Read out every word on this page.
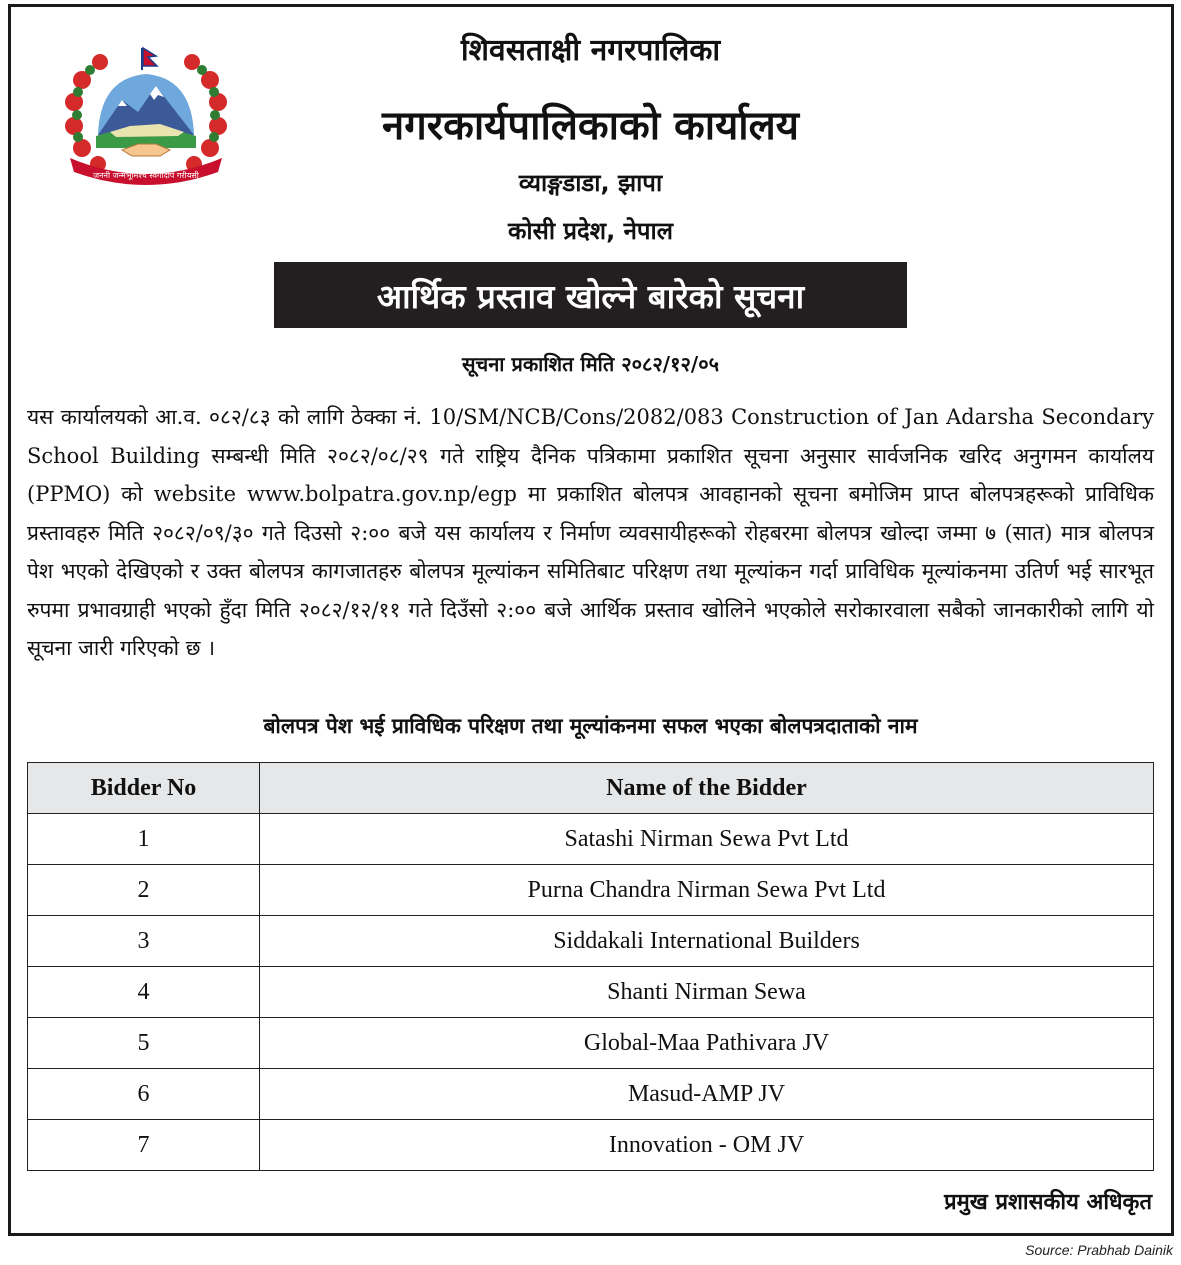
जननी जन्मभूमिश्च स्वर्गादपि गरीयसी
शिवसताक्षी नगरपालिका
नगरकार्यपालिकाको कार्यालय
व्याङ्गडाडा, झापा
कोसी प्रदेश, नेपाल
आर्थिक प्रस्ताव खोल्ने बारेको सूचना
सूचना प्रकाशित मिति २०८२/१२/०५

यस कार्यालयको आ.व. ०८२/८३ को लागि ठेक्का नं. 10/SM/NCB/Cons/2082/083 Construction of Jan Adarsha Secondary School Building सम्बन्धी मिति २०८२/०८/२९ गते राष्ट्रिय दैनिक पत्रिकामा प्रकाशित सूचना अनुसार सार्वजनिक खरिद अनुगमन कार्यालय (PPMO) को website www.bolpatra.gov.np/egp मा प्रकाशित बोलपत्र आवहानको सूचना बमोजिम प्राप्त बोलपत्रहरूको प्राविधिक प्रस्तावहरु मिति २०८२/०९/३० गते दिउसो २:०० बजे यस कार्यालय र निर्माण व्यवसायीहरूको रोहबरमा बोलपत्र खोल्दा जम्मा ७ (सात) मात्र बोलपत्र पेश भएको देखिएको र उक्त बोलपत्र कागजातहरु बोलपत्र मूल्यांकन समितिबाट परिक्षण तथा मूल्यांकन गर्दा प्राविधिक मूल्यांकनमा उतिर्ण भई सारभूत रुपमा प्रभावग्राही भएको हुँदा मिति २०८२/१२/११ गते दिउँसो २:०० बजे आर्थिक प्रस्ताव खोलिने भएकोले सरोकारवाला सबैको जानकारीको लागि यो सूचना जारी गरिएको छ ।

बोलपत्र पेश भई प्राविधिक परिक्षण तथा मूल्यांकनमा सफल भएका बोलपत्रदाताको नाम
Bidder No	Name of the Bidder
1	Satashi Nirman Sewa Pvt Ltd
2	Purna Chandra Nirman Sewa Pvt Ltd
3	Siddakali International Builders
4	Shanti Nirman Sewa
5	Global-Maa Pathivara JV
6	Masud-AMP JV
7	Innovation - OM JV
प्रमुख प्रशासकीय अधिकृत
Source: Prabhab Dainik
